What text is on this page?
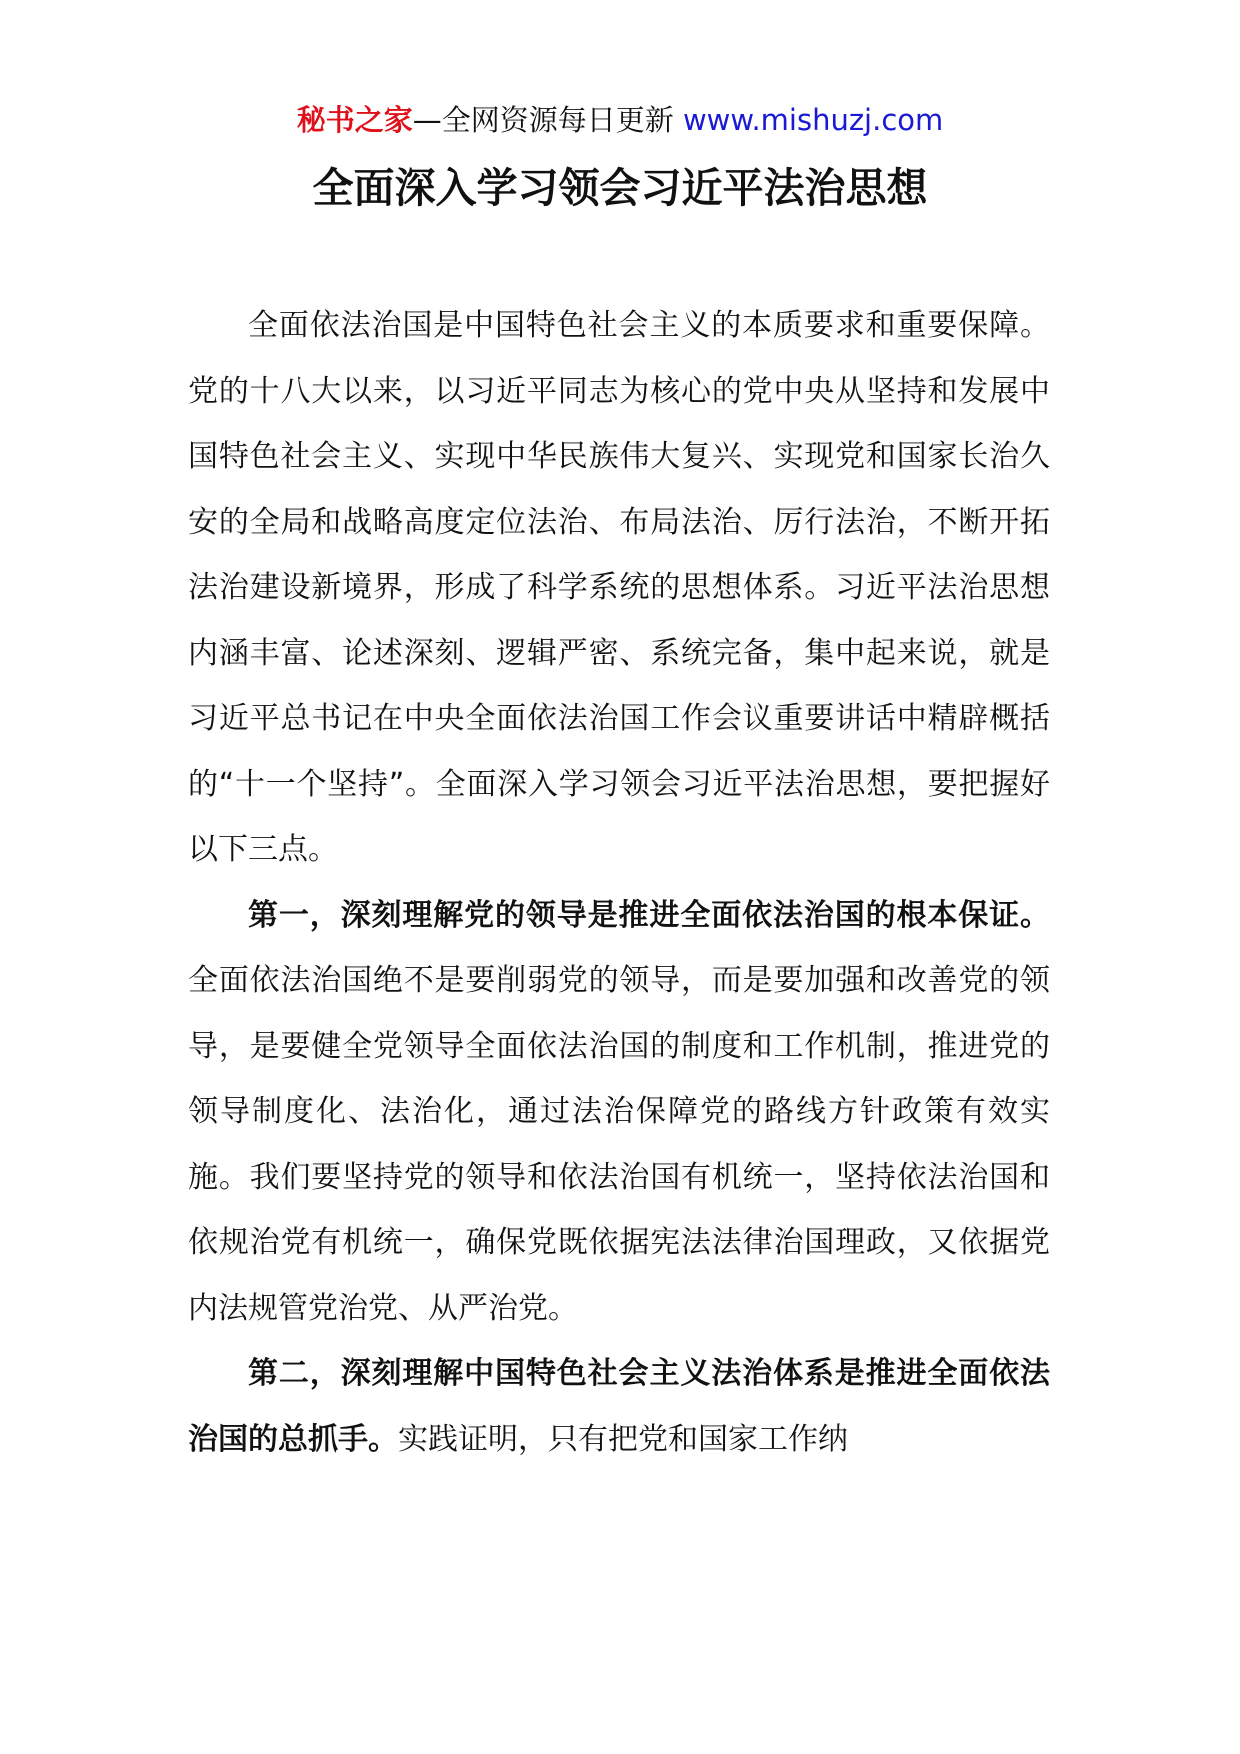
秘书之家—全网资源每日更新 www.mishuzj.com
全面深入学习领会习近平法治思想

全面依法治国是中国特色社会主义的本质要求和重要保障。党的十八大以来，以习近平同志为核心的党中央从坚持和发展中国特色社会主义、实现中华民族伟大复兴、实现党和国家长治久安的全局和战略高度定位法治、布局法治、厉行法治，不断开拓法治建设新境界，形成了科学系统的思想体系。习近平法治思想内涵丰富、论述深刻、逻辑严密、系统完备，集中起来说，就是习近平总书记在中央全面依法治国工作会议重要讲话中精辟概括的“十一个坚持”。全面深入学习领会习近平法治思想，要把握好以下三点。

第一，深刻理解党的领导是推进全面依法治国的根本保证。全面依法治国绝不是要削弱党的领导，而是要加强和改善党的领导，是要健全党领导全面依法治国的制度和工作机制，推进党的领导制度化、法治化，通过法治保障党的路线方针政策有效实施。我们要坚持党的领导和依法治国有机统一，坚持依法治国和依规治党有机统一，确保党既依据宪法法律治国理政，又依据党内法规管党治党、从严治党。

第二，深刻理解中国特色社会主义法治体系是推进全面依法治国的总抓手。实践证明，只有把党和国家工作纳
